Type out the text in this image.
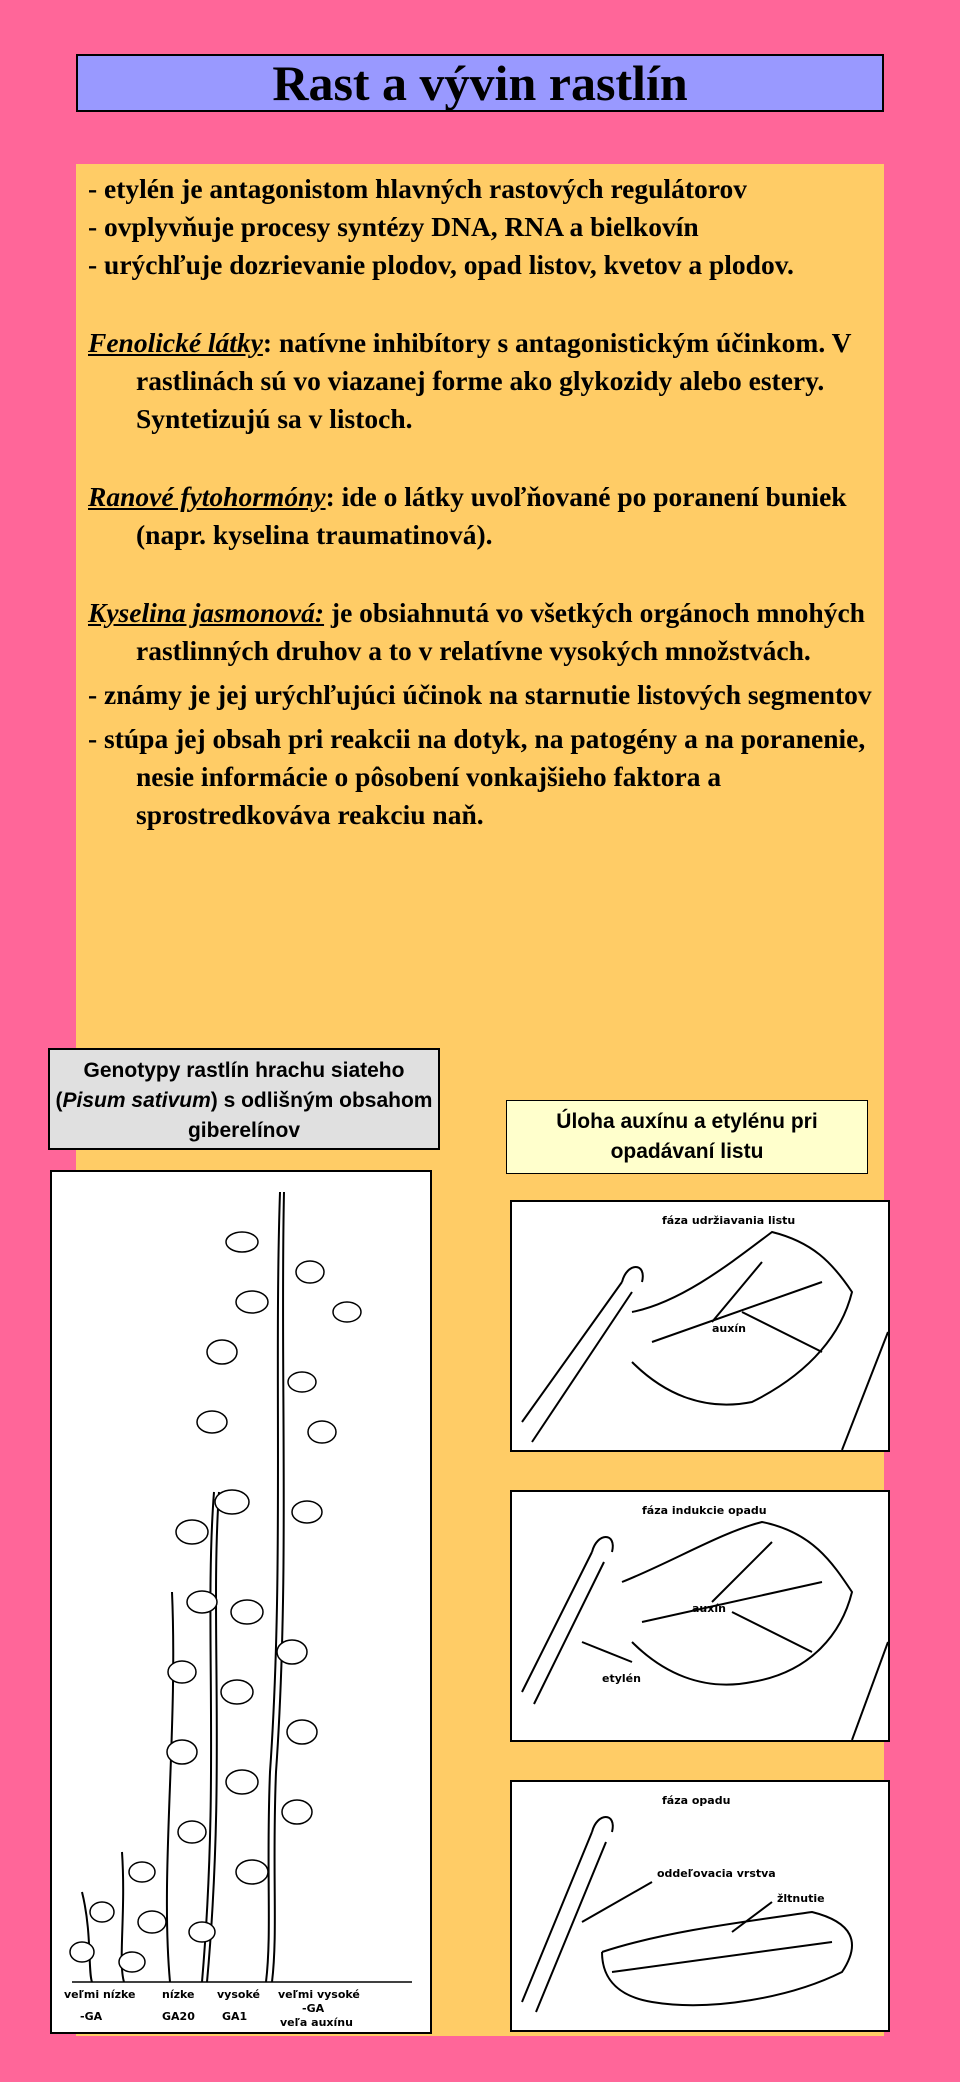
Rast a vývin rastlín

- etylén je antagonistom hlavných rastových regulátorov

- ovplyvňuje procesy syntézy DNA, RNA a bielkovín

- urýchľuje dozrievanie plodov, opad listov, kvetov a plodov.

Fenolické látky: natívne inhibítory s antagonistickým účinkom. V rastlinách sú vo viazanej forme ako glykozidy alebo estery. Syntetizujú sa v listoch.

Ranové fytohormóny: ide o látky uvoľňované po poranení buniek (napr. kyselina traumatinová).

Kyselina jasmonová: je obsiahnutá vo všetkých orgánoch mnohých rastlinných druhov a to v relatívne vysokých množstvách.

- známy je jej urýchľujúci účinok na starnutie listových segmentov

- stúpa jej obsah pri reakcii na dotyk, na patogény a na poranenie, nesie informácie o pôsobení vonkajšieho faktora a sprostredkováva reakciu naň.

Genotypy rastlín hrachu siateho (Pisum sativum) s odlišným obsahom giberelínov	Úloha auxínu a etylénu pri opadávaní listu
veľmi nízke
-GA
nízke
GA20
vysoké
GA1
veľmi vysoké
-GA
veľa auxínu
fáza udržiavania listu
auxín
fáza indukcie opadu
auxín
etylén
fáza opadu
oddeľovacia vrstva
žltnutie
